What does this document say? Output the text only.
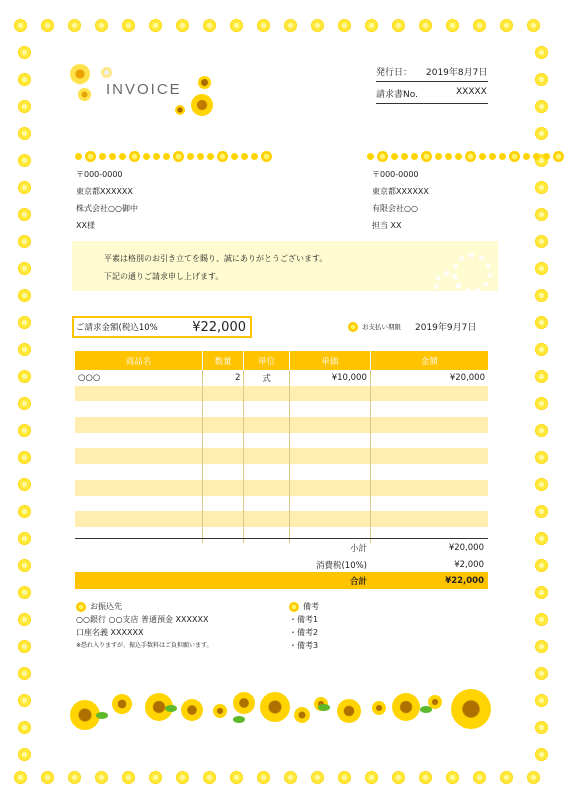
INVOICE
発行日：	2019年8月7日
請求書No.	XXXXX
〒000-0000
東京都XXXXXX
株式会社○○御中
XX様
〒000-0000
東京都XXXXXX
有限会社○○
担当 XX
平素は格別のお引き立てを賜り、誠にありがとうございます。
下記の通りご請求申し上げます。
ご請求金額(税込10%	¥22,000	お支払い期限 2019年9月7日
商品名	数量	単位	単価	金額
○○○	2	式	¥10,000	¥20,000

小計	¥20,000
消費税(10%)	¥2,000
合計	¥22,000
お振込先
○○銀行 ○○支店 普通預金 XXXXXX
口座名義 XXXXXX
※恐れ入りますが、振込手数料はご負担願います。
備考
・備考1
・備考2
・備考3
